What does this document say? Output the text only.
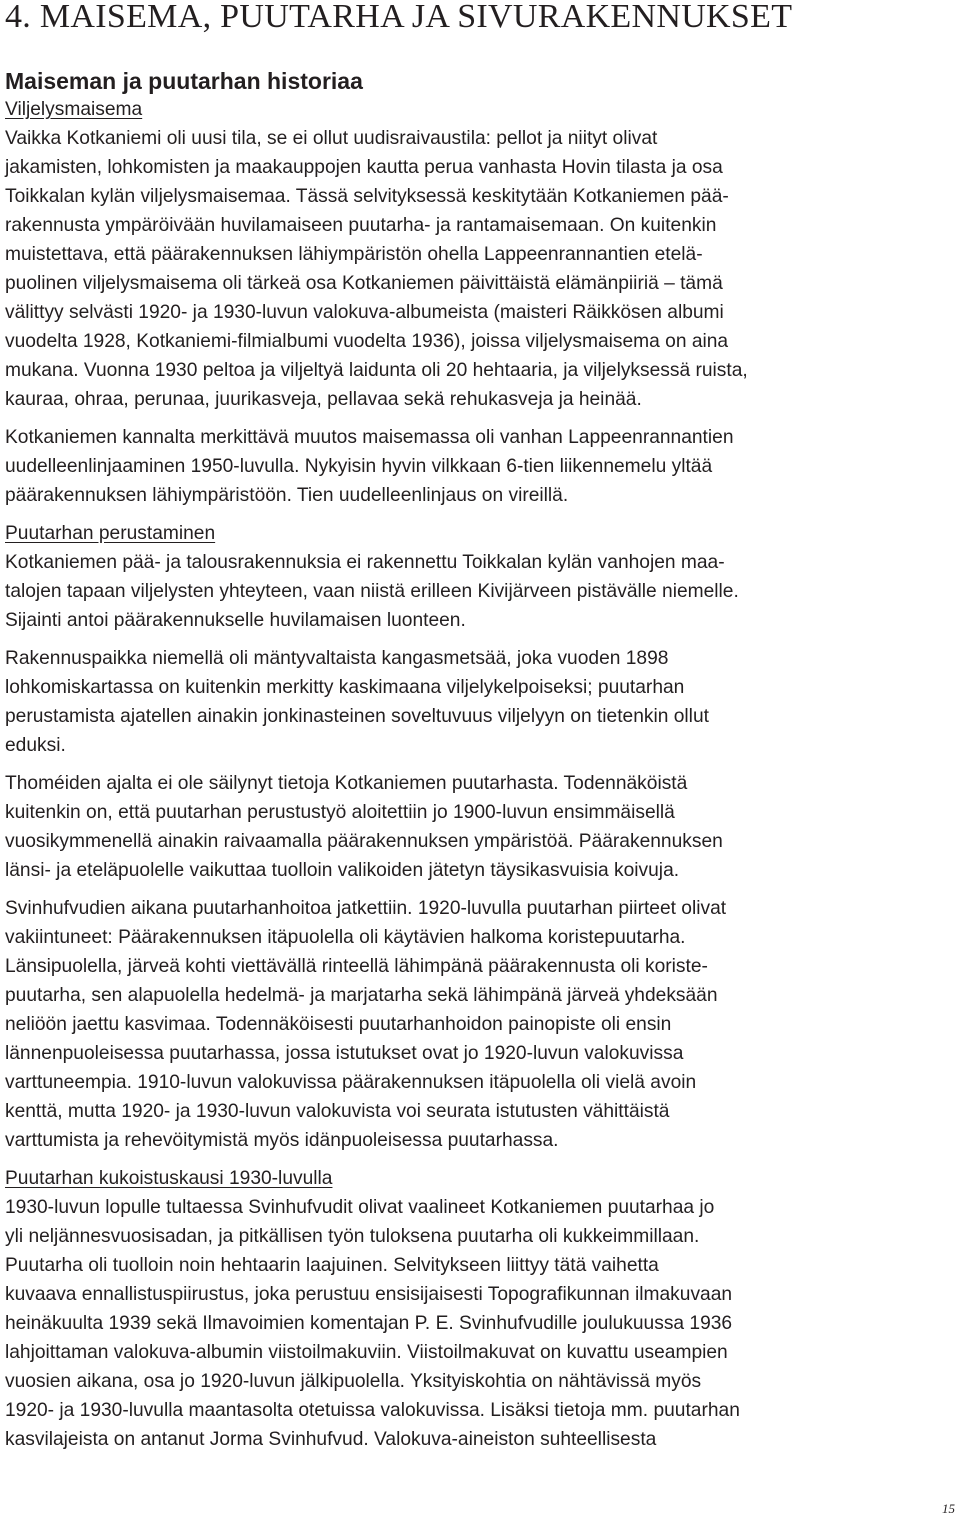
4. MAISEMA, PUUTARHA JA SIVURAKENNUKSET
Maiseman ja puutarhan historiaa
Viljelysmaisema

Vaikka Kotkaniemi oli uusi tila, se ei ollut uudisraivaustila: pellot ja niityt olivat
jakamisten, lohkomisten ja maakauppojen kautta perua vanhasta Hovin tilasta ja osa
Toikkalan kylän viljelysmaisemaa. Tässä selvityksessä keskitytään Kotkaniemen pää-
rakennusta ympäröivään huvilamaiseen puutarha- ja rantamaisemaan. On kuitenkin
muistettava, että päärakennuksen lähiympäristön ohella Lappeenrannantien etelä-
puolinen viljelysmaisema oli tärkeä osa Kotkaniemen päivittäistä elämänpiiriä – tämä
välittyy selvästi 1920- ja 1930-luvun valokuva-albumeista (maisteri Räikkösen albumi
vuodelta 1928, Kotkaniemi-filmialbumi vuodelta 1936), joissa viljelysmaisema on aina
mukana. Vuonna 1930 peltoa ja viljeltyä laidunta oli 20 hehtaaria, ja viljelyksessä ruista,
kauraa, ohraa, perunaa, juurikasveja, pellavaa sekä rehukasveja ja heinää.

Kotkaniemen kannalta merkittävä muutos maisemassa oli vanhan Lappeenrannantien
uudelleenlinjaaminen 1950-luvulla. Nykyisin hyvin vilkkaan 6-tien liikennemelu yltää
päärakennuksen lähiympäristöön. Tien uudelleenlinjaus on vireillä.

Puutarhan perustaminen

Kotkaniemen pää- ja talousrakennuksia ei rakennettu Toikkalan kylän vanhojen maa-
talojen tapaan viljelysten yhteyteen, vaan niistä erilleen Kivijärveen pistävälle niemelle.
Sijainti antoi päärakennukselle huvilamaisen luonteen.

Rakennuspaikka niemellä oli mäntyvaltaista kangasmetsää, joka vuoden 1898
lohkomiskartassa on kuitenkin merkitty kaskimaana viljelykelpoiseksi; puutarhan
perustamista ajatellen ainakin jonkinasteinen soveltuvuus viljelyyn on tietenkin ollut
eduksi.

Thoméiden ajalta ei ole säilynyt tietoja Kotkaniemen puutarhasta. Todennäköistä
kuitenkin on, että puutarhan perustustyö aloitettiin jo 1900-luvun ensimmäisellä
vuosikymmenellä ainakin raivaamalla päärakennuksen ympäristöä. Päärakennuksen
länsi- ja eteläpuolelle vaikuttaa tuolloin valikoiden jätetyn täysikasvuisia koivuja.

Svinhufvudien aikana puutarhanhoitoa jatkettiin. 1920-luvulla puutarhan piirteet olivat
vakiintuneet: Päärakennuksen itäpuolella oli käytävien halkoma koristepuutarha.
Länsipuolella, järveä kohti viettävällä rinteellä lähimpänä päärakennusta oli koriste-
puutarha, sen alapuolella hedelmä- ja marjatarha sekä lähimpänä järveä yhdeksään
neliöön jaettu kasvimaa. Todennäköisesti puutarhanhoidon painopiste oli ensin
lännenpuoleisessa puutarhassa, jossa istutukset ovat jo 1920-luvun valokuvissa
varttuneempia. 1910-luvun valokuvissa päärakennuksen itäpuolella oli vielä avoin
kenttä, mutta 1920- ja 1930-luvun valokuvista voi seurata istutusten vähittäistä
varttumista ja rehevöitymistä myös idänpuoleisessa puutarhassa.

Puutarhan kukoistuskausi 1930-luvulla

1930-luvun lopulle tultaessa Svinhufvudit olivat vaalineet Kotkaniemen puutarhaa jo
yli neljännesvuosisadan, ja pitkällisen työn tuloksena puutarha oli kukkeimmillaan.
Puutarha oli tuolloin noin hehtaarin laajuinen. Selvitykseen liittyy tätä vaihetta
kuvaava ennallistuspiirustus, joka perustuu ensisijaisesti Topografikunnan ilmakuvaan
heinäkuulta 1939 sekä Ilmavoimien komentajan P. E. Svinhufvudille joulukuussa 1936
lahjoittaman valokuva-albumin viistoilmakuviin. Viistoilmakuvat on kuvattu useampien
vuosien aikana, osa jo 1920-luvun jälkipuolella. Yksityiskohtia on nähtävissä myös
1920- ja 1930-luvulla maantasolta otetuissa valokuvissa. Lisäksi tietoja mm. puutarhan
kasvilajeista on antanut Jorma Svinhufvud. Valokuva-aineiston suhteellisesta

15
